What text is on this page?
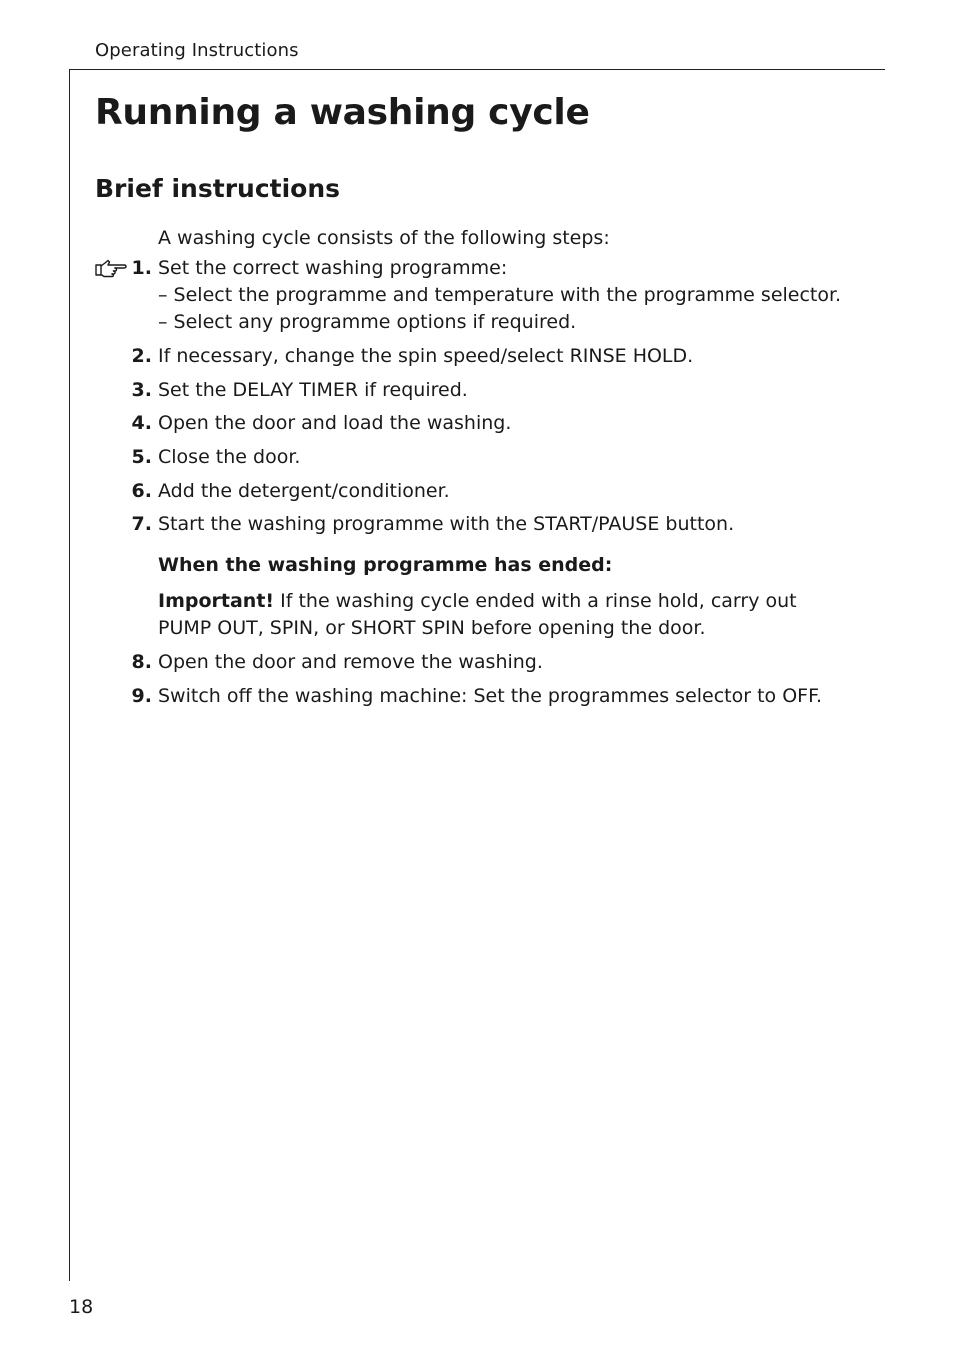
Operating Instructions
Running a washing cycle
Brief instructions
A washing cycle consists of the following steps:
1. Set the correct washing programme:
– Select the programme and temperature with the programme selector.
– Select any programme options if required.
2. If necessary, change the spin speed/select RINSE HOLD.
3. Set the DELAY TIMER if required.
4. Open the door and load the washing.
5. Close the door.
6. Add the detergent/conditioner.
7. Start the washing programme with the START/PAUSE button.
When the washing programme has ended:
Important! If the washing cycle ended with a rinse hold, carry out
PUMP OUT, SPIN, or SHORT SPIN before opening the door.
8. Open the door and remove the washing.
9. Switch off the washing machine: Set the programmes selector to OFF.
18
